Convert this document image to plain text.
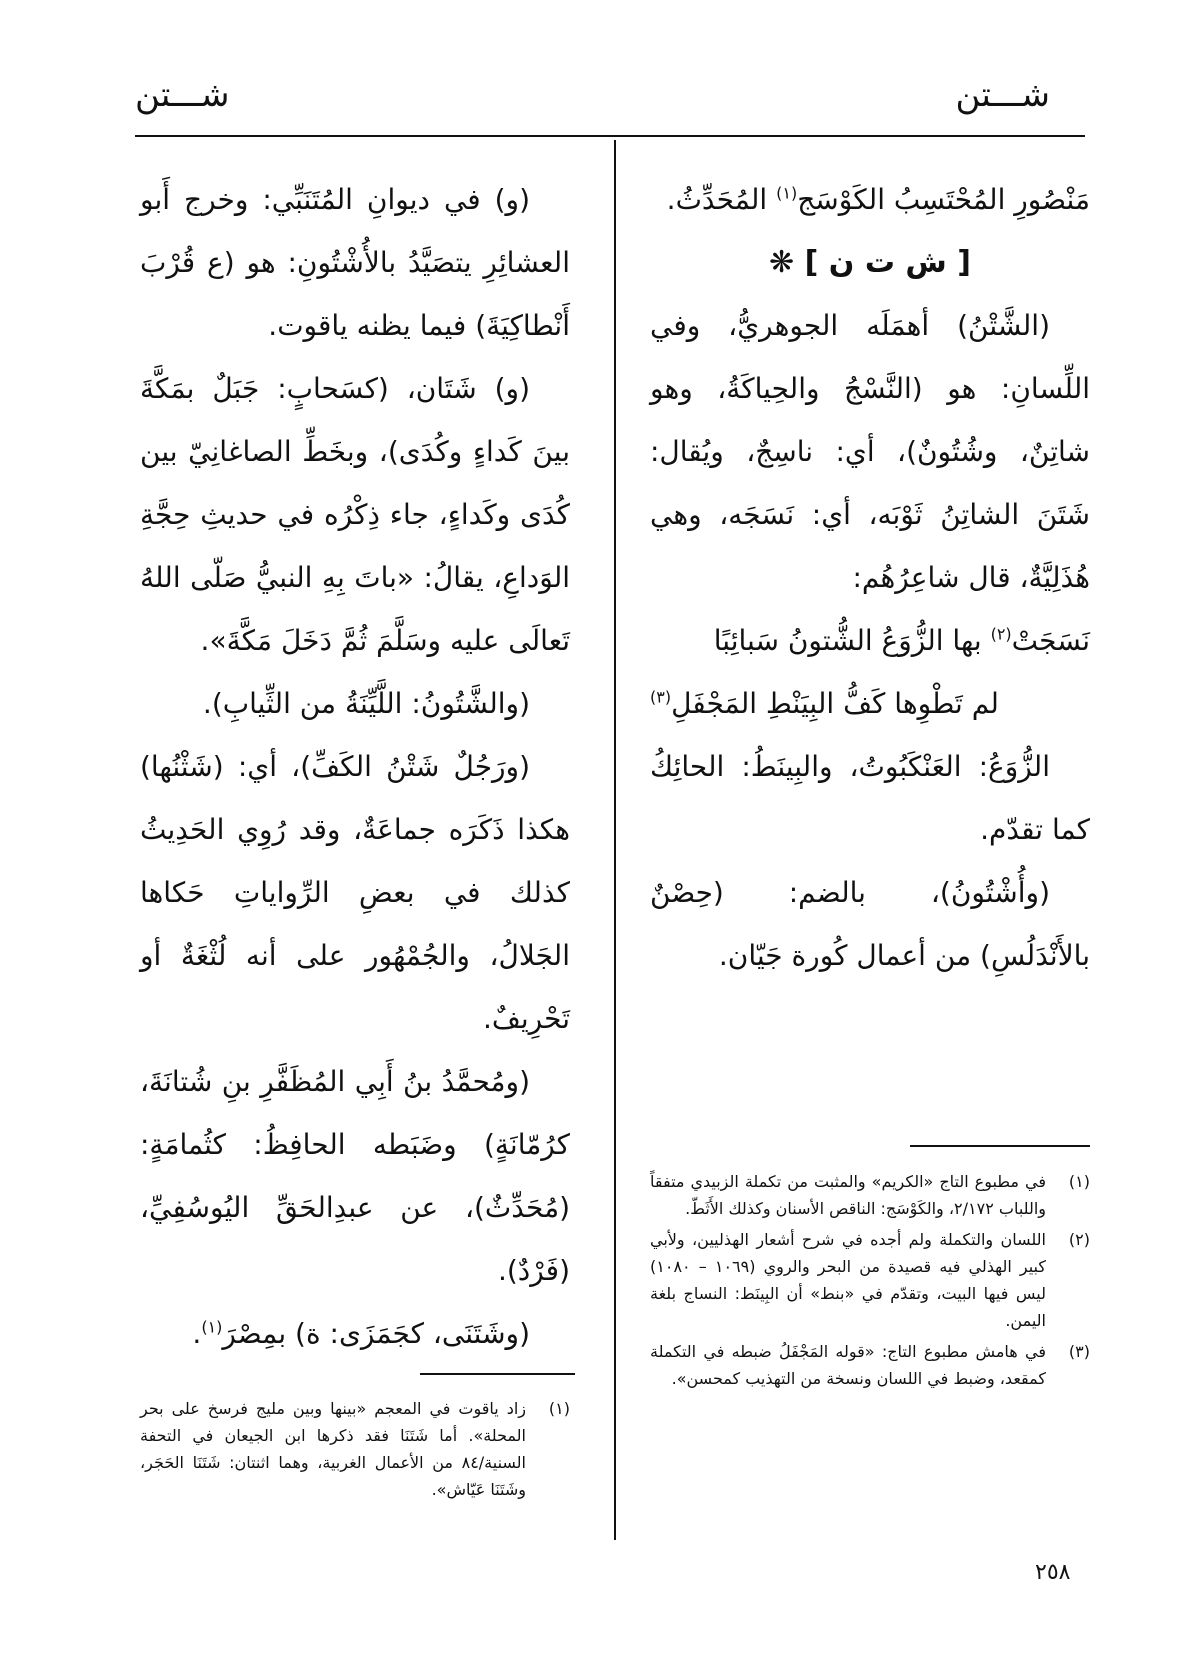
شـــتن	شـــتن

مَنْصُورِ المُحْتَسِبُ الكَوْسَج$^{(١)}$ المُحَدِّثُ.

[ ش ت ن ] ❋

(الشَّتْنُ) أهمَلَه الجوهريُّ، وفي اللِّسانِ: هو (النَّسْجُ والحِياكَةُ، وهو شاتِنٌ، وشُتُونٌ)، أي: ناسِجٌ، ويُقال: شَتَنَ الشاتِنُ ثَوْبَه، أي: نَسَجَه، وهي هُذَلِيَّةٌ، قال شاعِرُهُم:

نَسَجَتْ$^{(٢)}$ بها الزُّوَعُ الشُّتونُ سَبائِبًا

لم تَطْوِها كَفُّ البِيَنْطِ المَجْفَلِ$^{(٣)}$

الزُّوَعُ: العَنْكَبُوتُ، والبِينَطُ: الحائِكُ كما تقدّم.

(وأُشْتُونُ)، بالضم: (حِصْنٌ بالأَنْدَلُسِ) من أعمال كُورة جَيّان.

(و) في ديوانِ المُتَنَبِّي: وخرج أَبو العشائِرِ يتصَيَّدُ بالأُشْتُونِ: هو (ع قُرْبَ أَنْطاكِيَةَ) فيما يظنه ياقوت.

(و) شَتَان، (كسَحابٍ: جَبَلٌ بمَكَّةَ بينَ كَداءٍ وكُدَى)، وبخَطِّ الصاغانِيّ بين كُدَى وكَداءٍ، جاء ذِكْرُه في حديثِ حِجَّةِ الوَداعِ، يقالُ: «باتَ بِهِ النبيُّ صَلّى اللهُ تَعالَى عليه وسَلَّمَ ثُمَّ دَخَلَ مَكَّةَ».

(والشَّتُونُ: اللَّيِّنَةُ من الثِّيابِ).

(ورَجُلٌ شَتْنُ الكَفِّ)، أي: (شَثْنُها) هكذا ذَكَرَه جماعَةٌ، وقد رُوِي الحَدِيثُ كذلك في بعضِ الرِّواياتِ حَكاها الجَلالُ، والجُمْهُور على أنه لُثْغَةٌ أو تَحْرِيفٌ.

(ومُحمَّدُ بنُ أَبِي المُظَفَّرِ بنِ شُتانَةَ، كرُمّانَةٍ) وضَبَطه الحافِظُ: كثُمامَةٍ: (مُحَدِّثٌ)، عن عبدِالحَقِّ اليُوسُفِيِّ، (فَرْدٌ).

(وشَتَنَى، كجَمَزَى: ة) بمِصْرَ$^{(١)}$.

(١)
في مطبوع التاج «الكريم» والمثبت من تكملة الزبيدي متفقاً واللباب ٢/١٧٢، والكَوْسَج: الناقص الأسنان وكذلك الأَثَطّ.
(٢)
اللسان والتكملة ولم أجده في شرح أشعار الهذليين، ولأبي كبير الهذلي فيه قصيدة من البحر والروي (١٠٦٩ – ١٠٨٠) ليس فيها البيت، وتقدّم في «بنط» أن البِينَط: النساج بلغة اليمن.
(٣)
في هامش مطبوع التاج: «قوله المَجْفَلُ ضبطه في التكملة كمقعد، وضبط في اللسان ونسخة من التهذيب كمحسن».
(١)
زاد ياقوت في المعجم «بينها وبين مليج فرسخ على بحر المحلة». أما شَتَنَا فقد ذكرها ابن الجيعان في التحفة السنية/٨٤ من الأعمال الغربية، وهما اثنتان: شَتَنَا الحَجَر، وشَتَنَا عَيّاش».
٢٥٨
